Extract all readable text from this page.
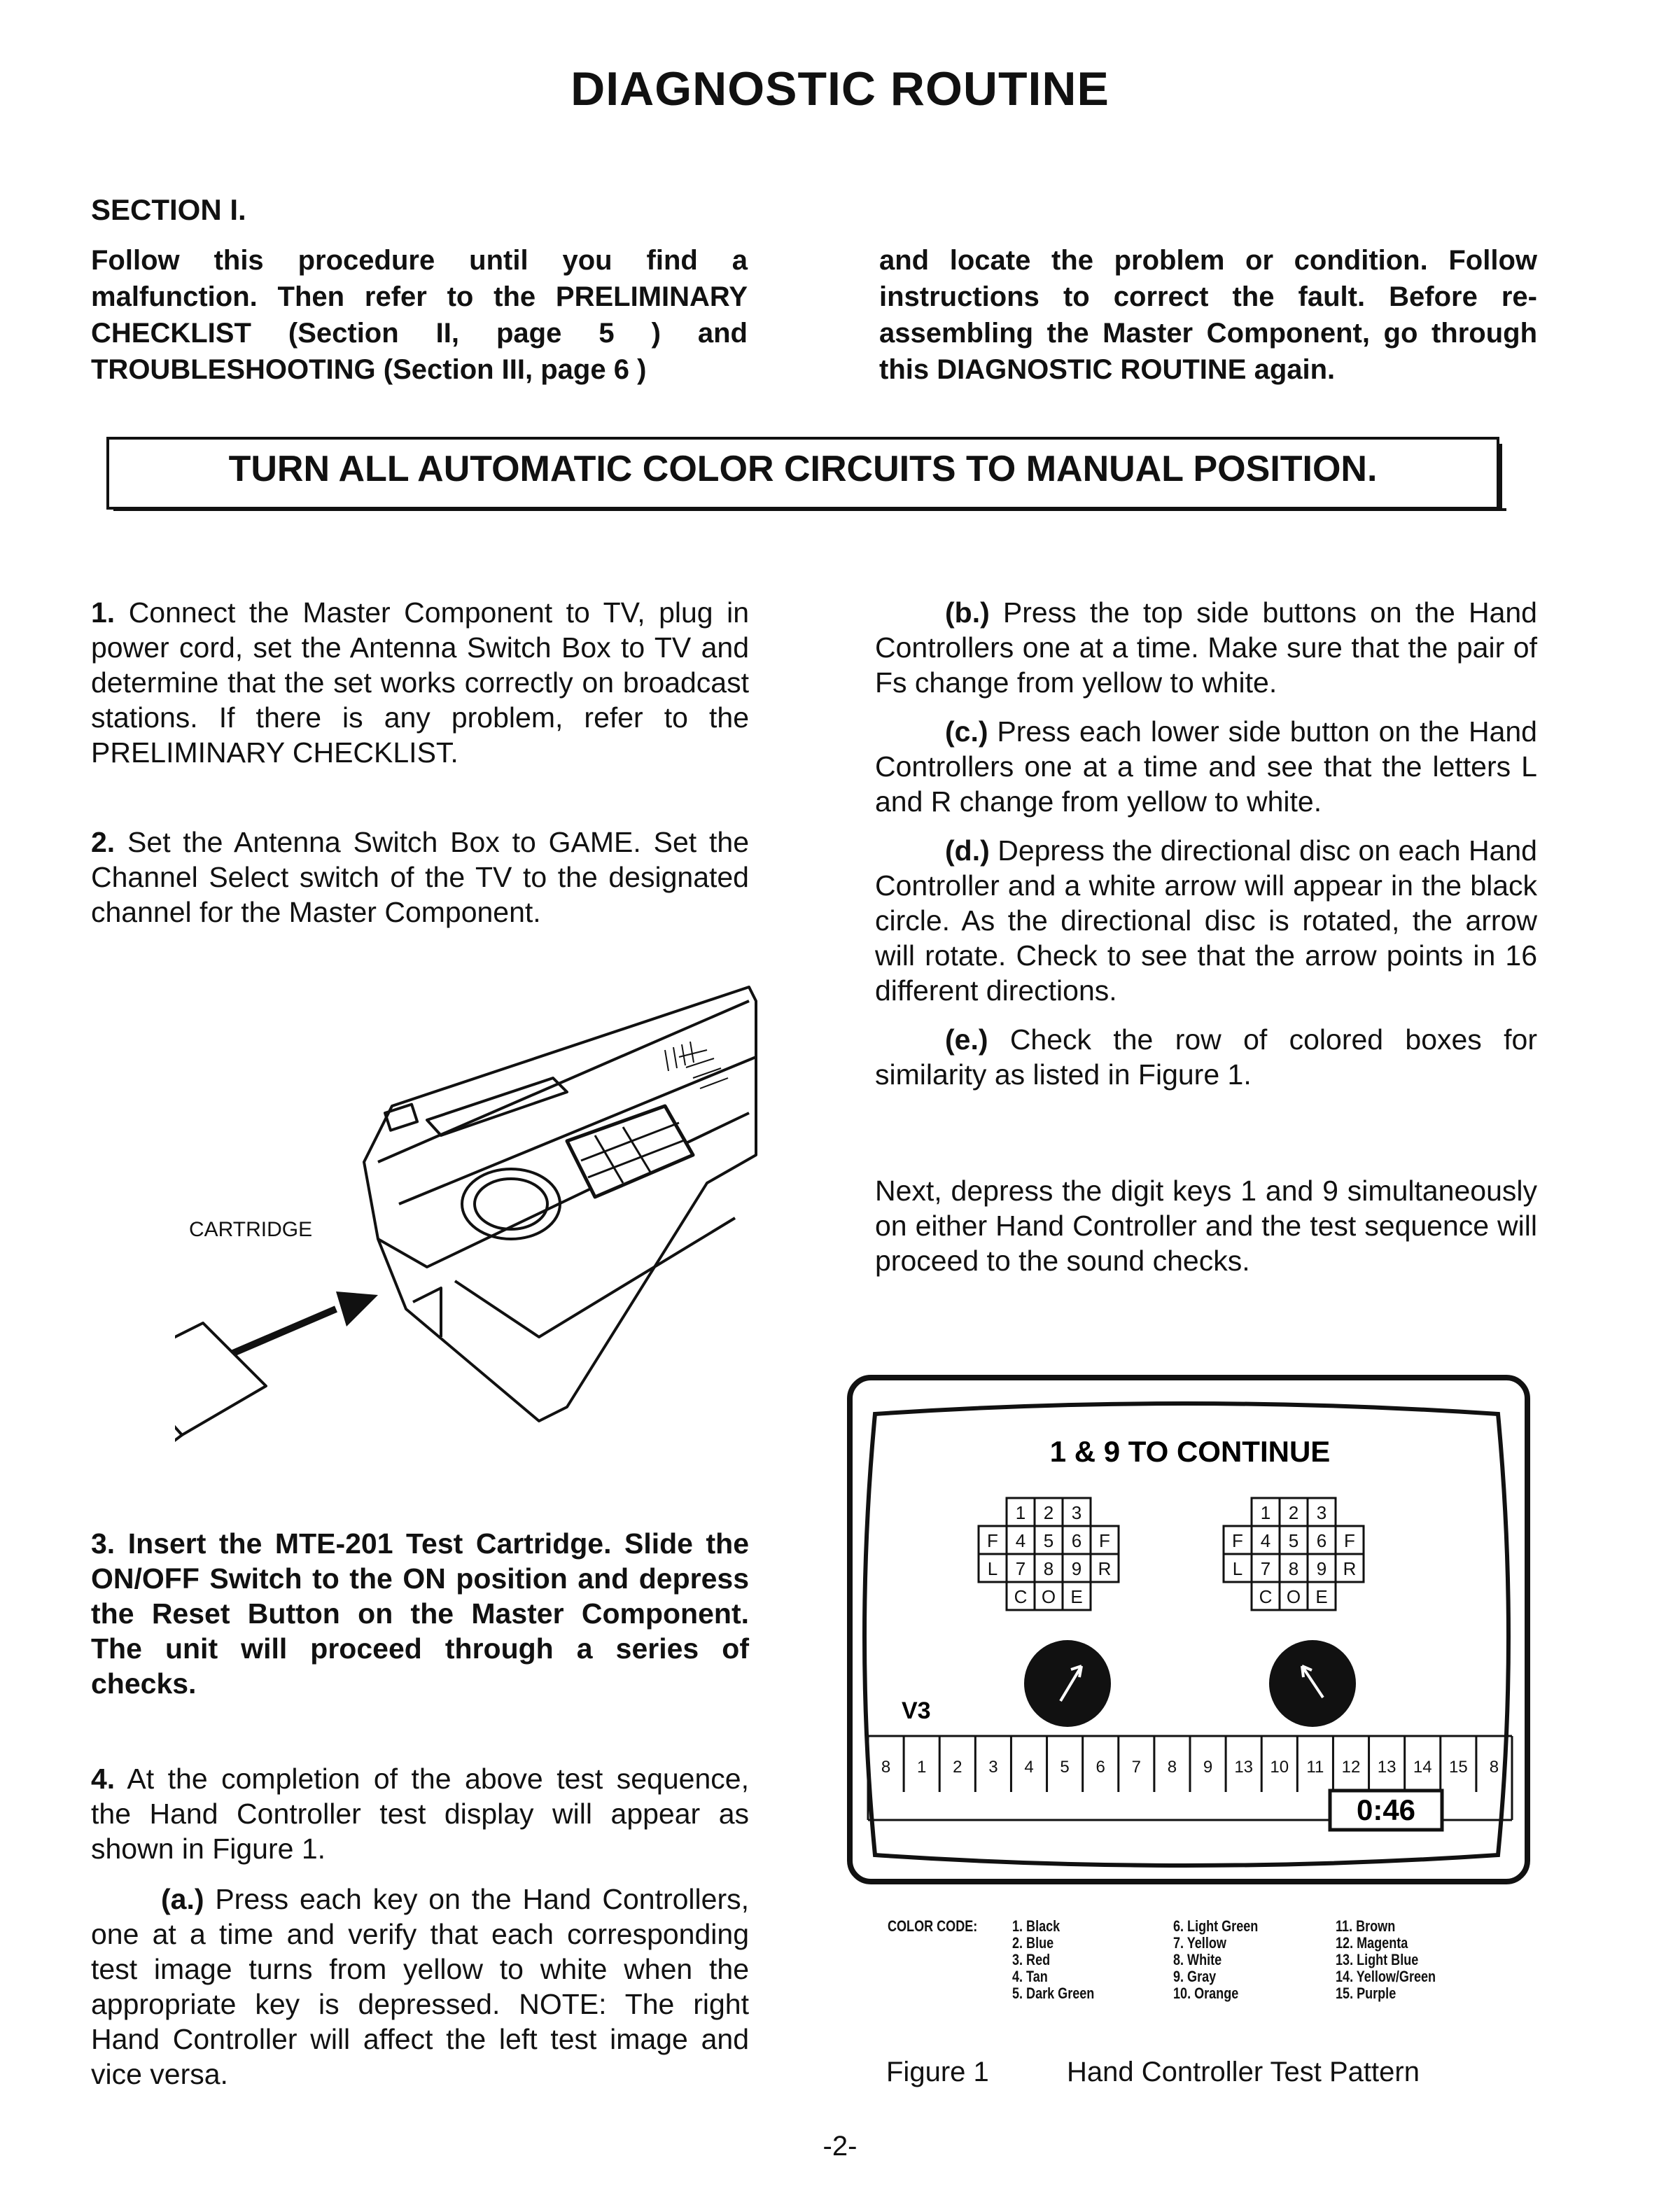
DIAGNOSTIC ROUTINE
SECTION I.
Follow this procedure until you find a malfunction. Then refer to the PRELIMINARY CHECKLIST (Section II, page 5 ) and TROUBLESHOOTING (Section III, page 6 )
and locate the problem or condition. Follow instructions to correct the fault. Before re-assembling the Master Component, go through this DIAGNOSTIC ROUTINE again.
TURN ALL AUTOMATIC COLOR CIRCUITS TO MANUAL POSITION.
1. Connect the Master Component to TV, plug in power cord, set the Antenna Switch Box to TV and determine that the set works correctly on broadcast stations. If there is any problem, refer to the PRELIMINARY CHECKLIST.
2. Set the Antenna Switch Box to GAME. Set the Channel Select switch of the TV to the designated channel for the Master Component.
CARTRIDGE
3. Insert the MTE-201 Test Cartridge. Slide the ON/OFF Switch to the ON position and depress the Reset Button on the Master Component. The unit will proceed through a series of checks.
4. At the completion of the above test sequence, the Hand Controller test display will appear as shown in Figure 1.
(a.) Press each key on the Hand Controllers, one at a time and verify that each corresponding test image turns from yellow to white when the appropriate key is depressed. NOTE: The right Hand Controller will affect the left test image and vice versa.
(b.) Press the top side buttons on the Hand Controllers one at a time. Make sure that the pair of Fs change from yellow to white.
(c.) Press each lower side button on the Hand Controllers one at a time and see that the letters L and R change from yellow to white.
(d.) Depress the directional disc on each Hand Controller and a white arrow will appear in the black circle. As the directional disc is rotated, the arrow will rotate. Check to see that the arrow points in 16 different directions.
(e.) Check the row of colored boxes for similarity as listed in Figure 1.
Next, depress the digit keys 1 and 9 simultaneously on either Hand Controller and the test sequence will proceed to the sound checks.
1 & 9 TO CONTINUE
1 2 3
F 4 5 6 F
L 7 8 9 R
C O E
1 2 3
F 4 5 6 F
L 7 8 9 R
C O E
V3
8 1 2 3 4 5 6 7 8 9 13 10 11 12 13 14 15 8
0:46
COLOR CODE: 1. Black
2. Blue
3. Red
4. Tan
5. Dark Green
6. Light Green
7. Yellow
8. White
9. Gray
10. Orange
11. Brown
12. Magenta
13. Light Blue
14. Yellow/Green
15. Purple
Figure 1	Hand Controller Test Pattern
-2-
